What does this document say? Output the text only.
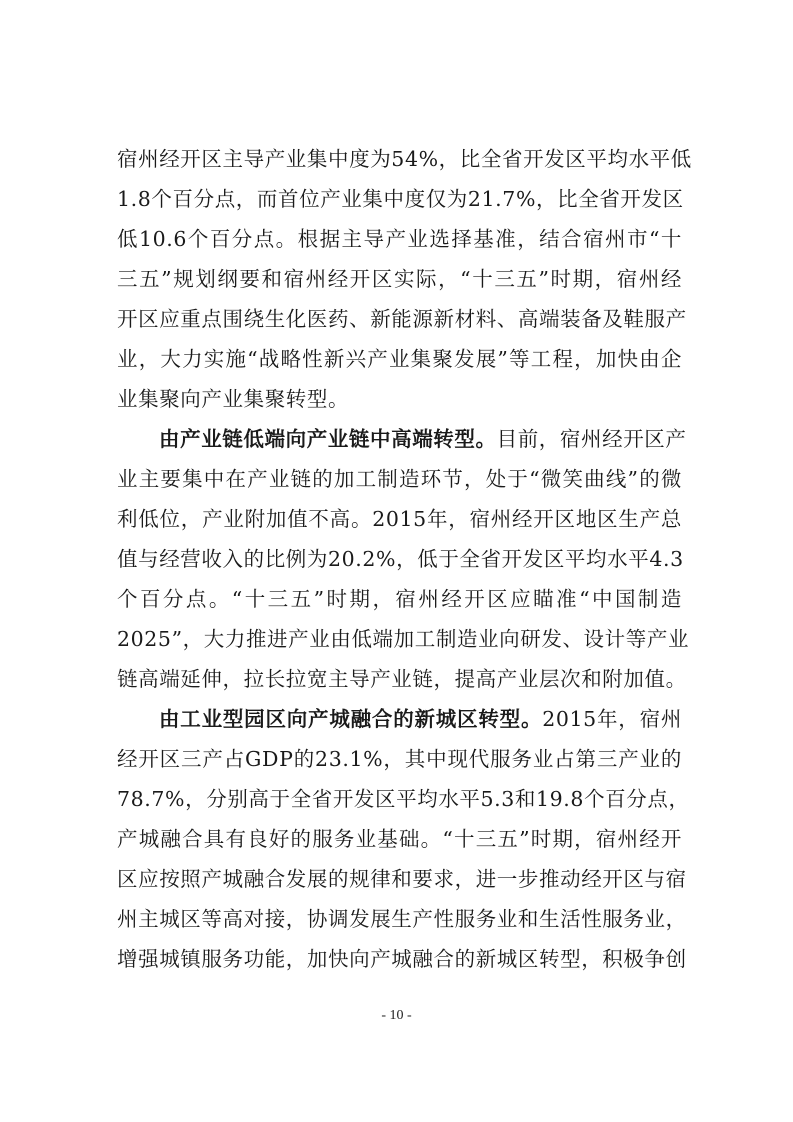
宿州经开区主导产业集中度为54%，比全省开发区平均水平低
1.8个百分点，而首位产业集中度仅为21.7%，比全省开发区
低10.6个百分点。根据主导产业选择基准，结合宿州市“十
三五”规划纲要和宿州经开区实际，“十三五”时期，宿州经
开区应重点围绕生化医药、新能源新材料、高端装备及鞋服产
业，大力实施“战略性新兴产业集聚发展”等工程，加快由企
业集聚向产业集聚转型。
由产业链低端向产业链中高端转型。目前，宿州经开区产
业主要集中在产业链的加工制造环节，处于“微笑曲线”的微
利低位，产业附加值不高。2015年，宿州经开区地区生产总
值与经营收入的比例为20.2%，低于全省开发区平均水平4.3
个百分点。“十三五”时期，宿州经开区应瞄准“中国制造
2025”，大力推进产业由低端加工制造业向研发、设计等产业
链高端延伸，拉长拉宽主导产业链，提高产业层次和附加值。
由工业型园区向产城融合的新城区转型。2015年，宿州
经开区三产占GDP的23.1%，其中现代服务业占第三产业的
78.7%，分别高于全省开发区平均水平5.3和19.8个百分点，
产城融合具有良好的服务业基础。“十三五”时期，宿州经开
区应按照产城融合发展的规律和要求，进一步推动经开区与宿
州主城区等高对接，协调发展生产性服务业和生活性服务业，
增强城镇服务功能，加快向产城融合的新城区转型，积极争创
- 10 -
